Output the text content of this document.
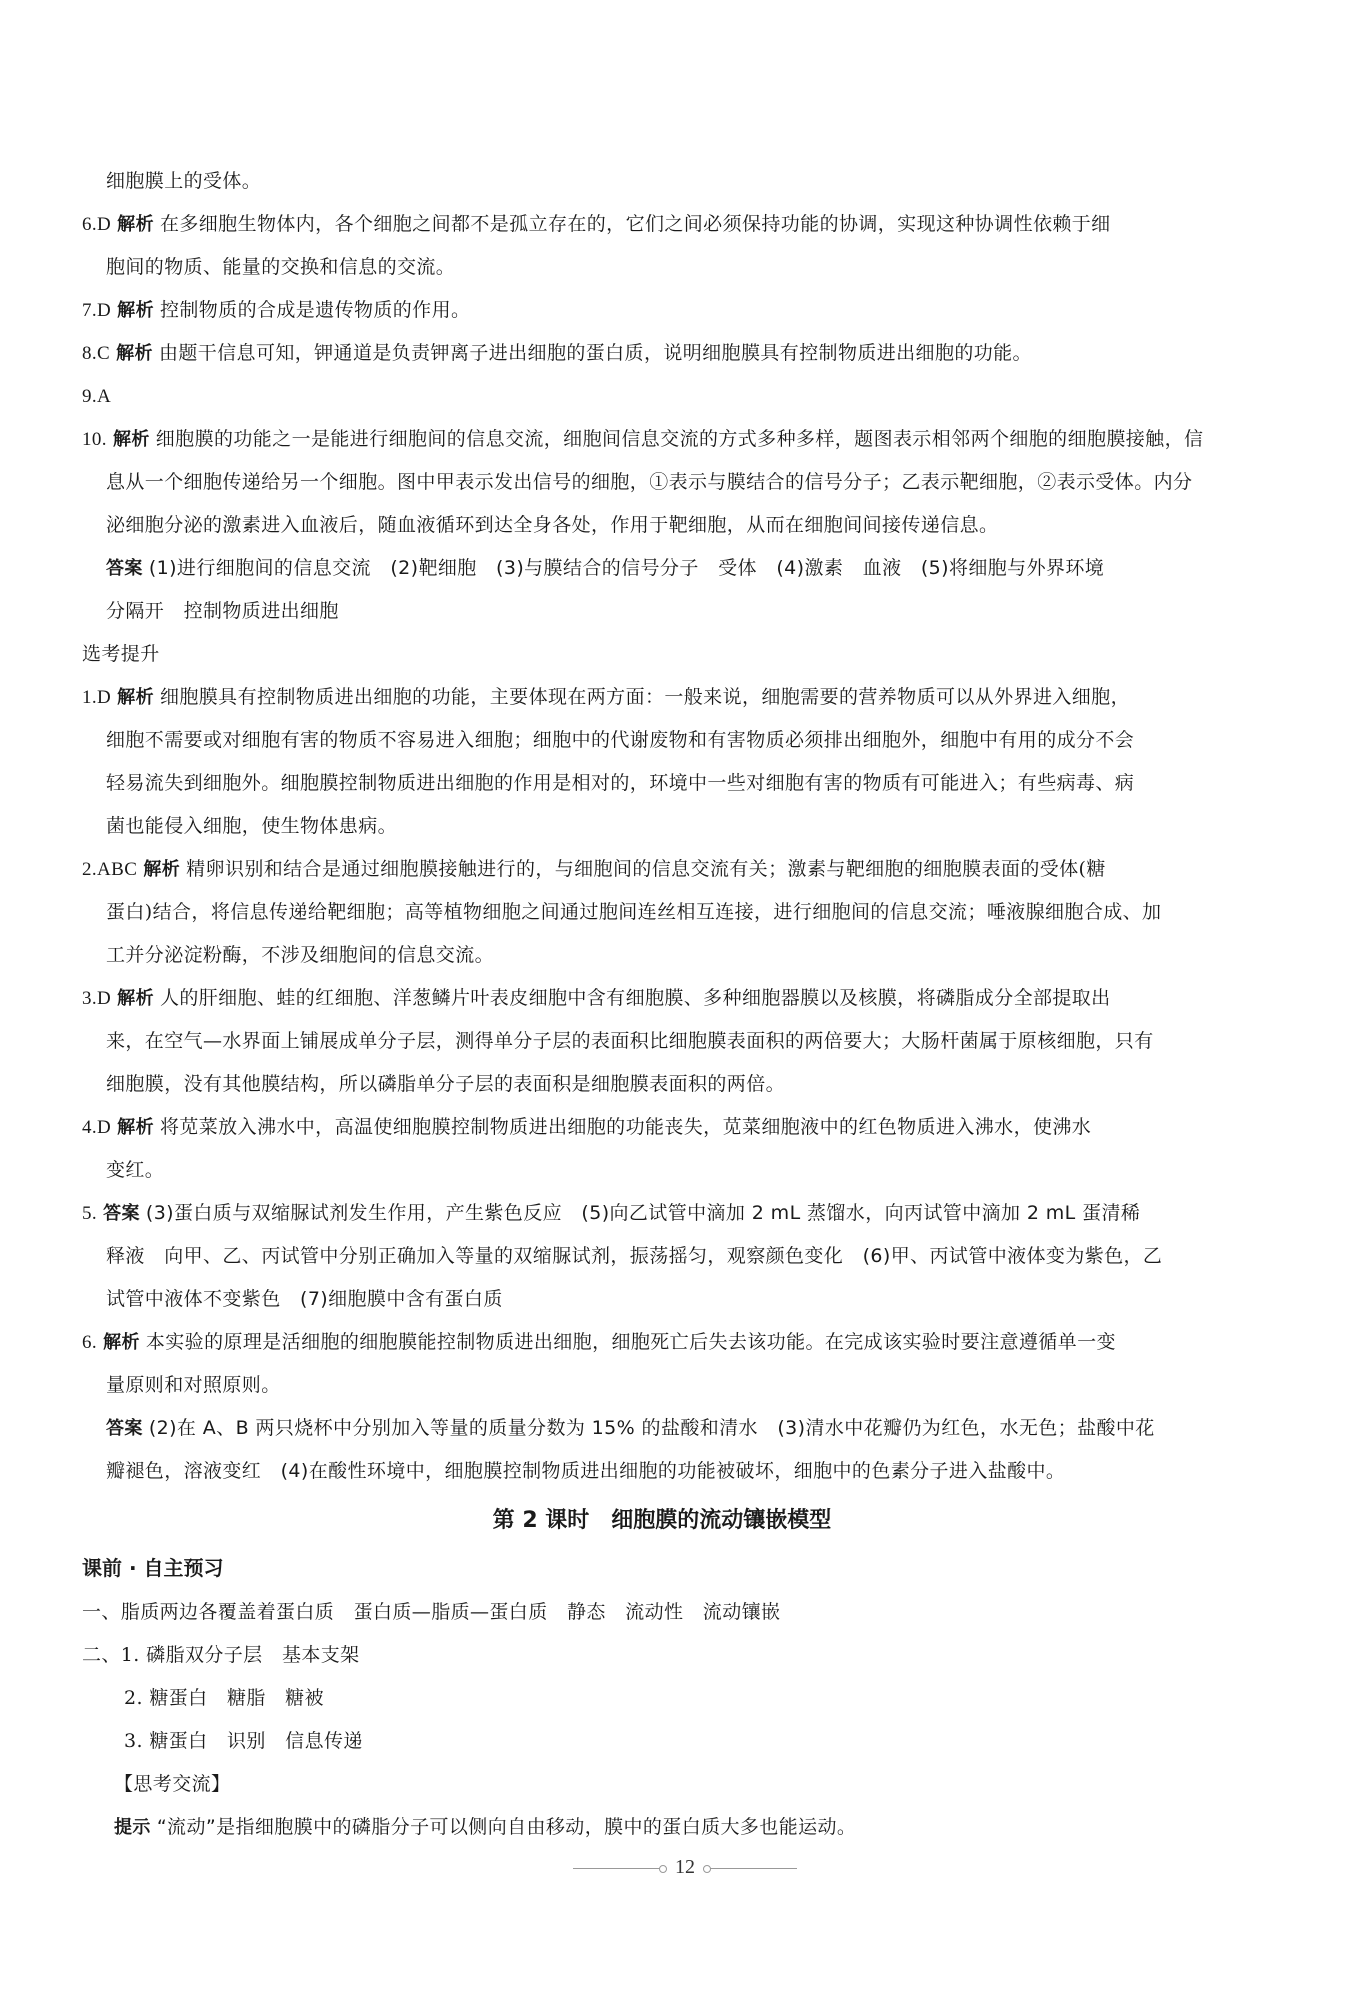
细胞膜上的受体。
6.D 解析 在多细胞生物体内，各个细胞之间都不是孤立存在的，它们之间必须保持功能的协调，实现这种协调性依赖于细
胞间的物质、能量的交换和信息的交流。
7.D 解析 控制物质的合成是遗传物质的作用。
8.C 解析 由题干信息可知，钾通道是负责钾离子进出细胞的蛋白质，说明细胞膜具有控制物质进出细胞的功能。
9.A
10. 解析 细胞膜的功能之一是能进行细胞间的信息交流，细胞间信息交流的方式多种多样，题图表示相邻两个细胞的细胞膜接触，信
息从一个细胞传递给另一个细胞。图中甲表示发出信号的细胞，①表示与膜结合的信号分子；乙表示靶细胞，②表示受体。内分
泌细胞分泌的激素进入血液后，随血液循环到达全身各处，作用于靶细胞，从而在细胞间间接传递信息。
答案 (1)进行细胞间的信息交流　(2)靶细胞　(3)与膜结合的信号分子　受体　(4)激素　血液　(5)将细胞与外界环境
分隔开　控制物质进出细胞
选考提升
1.D 解析 细胞膜具有控制物质进出细胞的功能，主要体现在两方面：一般来说，细胞需要的营养物质可以从外界进入细胞，
细胞不需要或对细胞有害的物质不容易进入细胞；细胞中的代谢废物和有害物质必须排出细胞外，细胞中有用的成分不会
轻易流失到细胞外。细胞膜控制物质进出细胞的作用是相对的，环境中一些对细胞有害的物质有可能进入；有些病毒、病
菌也能侵入细胞，使生物体患病。
2.ABC 解析 精卵识别和结合是通过细胞膜接触进行的，与细胞间的信息交流有关；激素与靶细胞的细胞膜表面的受体(糖
蛋白)结合，将信息传递给靶细胞；高等植物细胞之间通过胞间连丝相互连接，进行细胞间的信息交流；唾液腺细胞合成、加
工并分泌淀粉酶，不涉及细胞间的信息交流。
3.D 解析 人的肝细胞、蛙的红细胞、洋葱鳞片叶表皮细胞中含有细胞膜、多种细胞器膜以及核膜，将磷脂成分全部提取出
来，在空气—水界面上铺展成单分子层，测得单分子层的表面积比细胞膜表面积的两倍要大；大肠杆菌属于原核细胞，只有
细胞膜，没有其他膜结构，所以磷脂单分子层的表面积是细胞膜表面积的两倍。
4.D 解析 将苋菜放入沸水中，高温使细胞膜控制物质进出细胞的功能丧失，苋菜细胞液中的红色物质进入沸水，使沸水
变红。
5. 答案 (3)蛋白质与双缩脲试剂发生作用，产生紫色反应　(5)向乙试管中滴加 2 mL 蒸馏水，向丙试管中滴加 2 mL 蛋清稀
释液　向甲、乙、丙试管中分别正确加入等量的双缩脲试剂，振荡摇匀，观察颜色变化　(6)甲、丙试管中液体变为紫色，乙
试管中液体不变紫色　(7)细胞膜中含有蛋白质
6. 解析 本实验的原理是活细胞的细胞膜能控制物质进出细胞，细胞死亡后失去该功能。在完成该实验时要注意遵循单一变
量原则和对照原则。
答案 (2)在 A、B 两只烧杯中分别加入等量的质量分数为 15% 的盐酸和清水　(3)清水中花瓣仍为红色，水无色；盐酸中花
瓣褪色，溶液变红　(4)在酸性环境中，细胞膜控制物质进出细胞的功能被破坏，细胞中的色素分子进入盐酸中。
第 2 课时　细胞膜的流动镶嵌模型
课前 · 自主预习
一、脂质两边各覆盖着蛋白质　蛋白质—脂质—蛋白质　静态　流动性　流动镶嵌
二、1. 磷脂双分子层　基本支架
2. 糖蛋白　糖脂　糖被
3. 糖蛋白　识别　信息传递
【思考交流】
提示 “流动”是指细胞膜中的磷脂分子可以侧向自由移动，膜中的蛋白质大多也能运动。
12
